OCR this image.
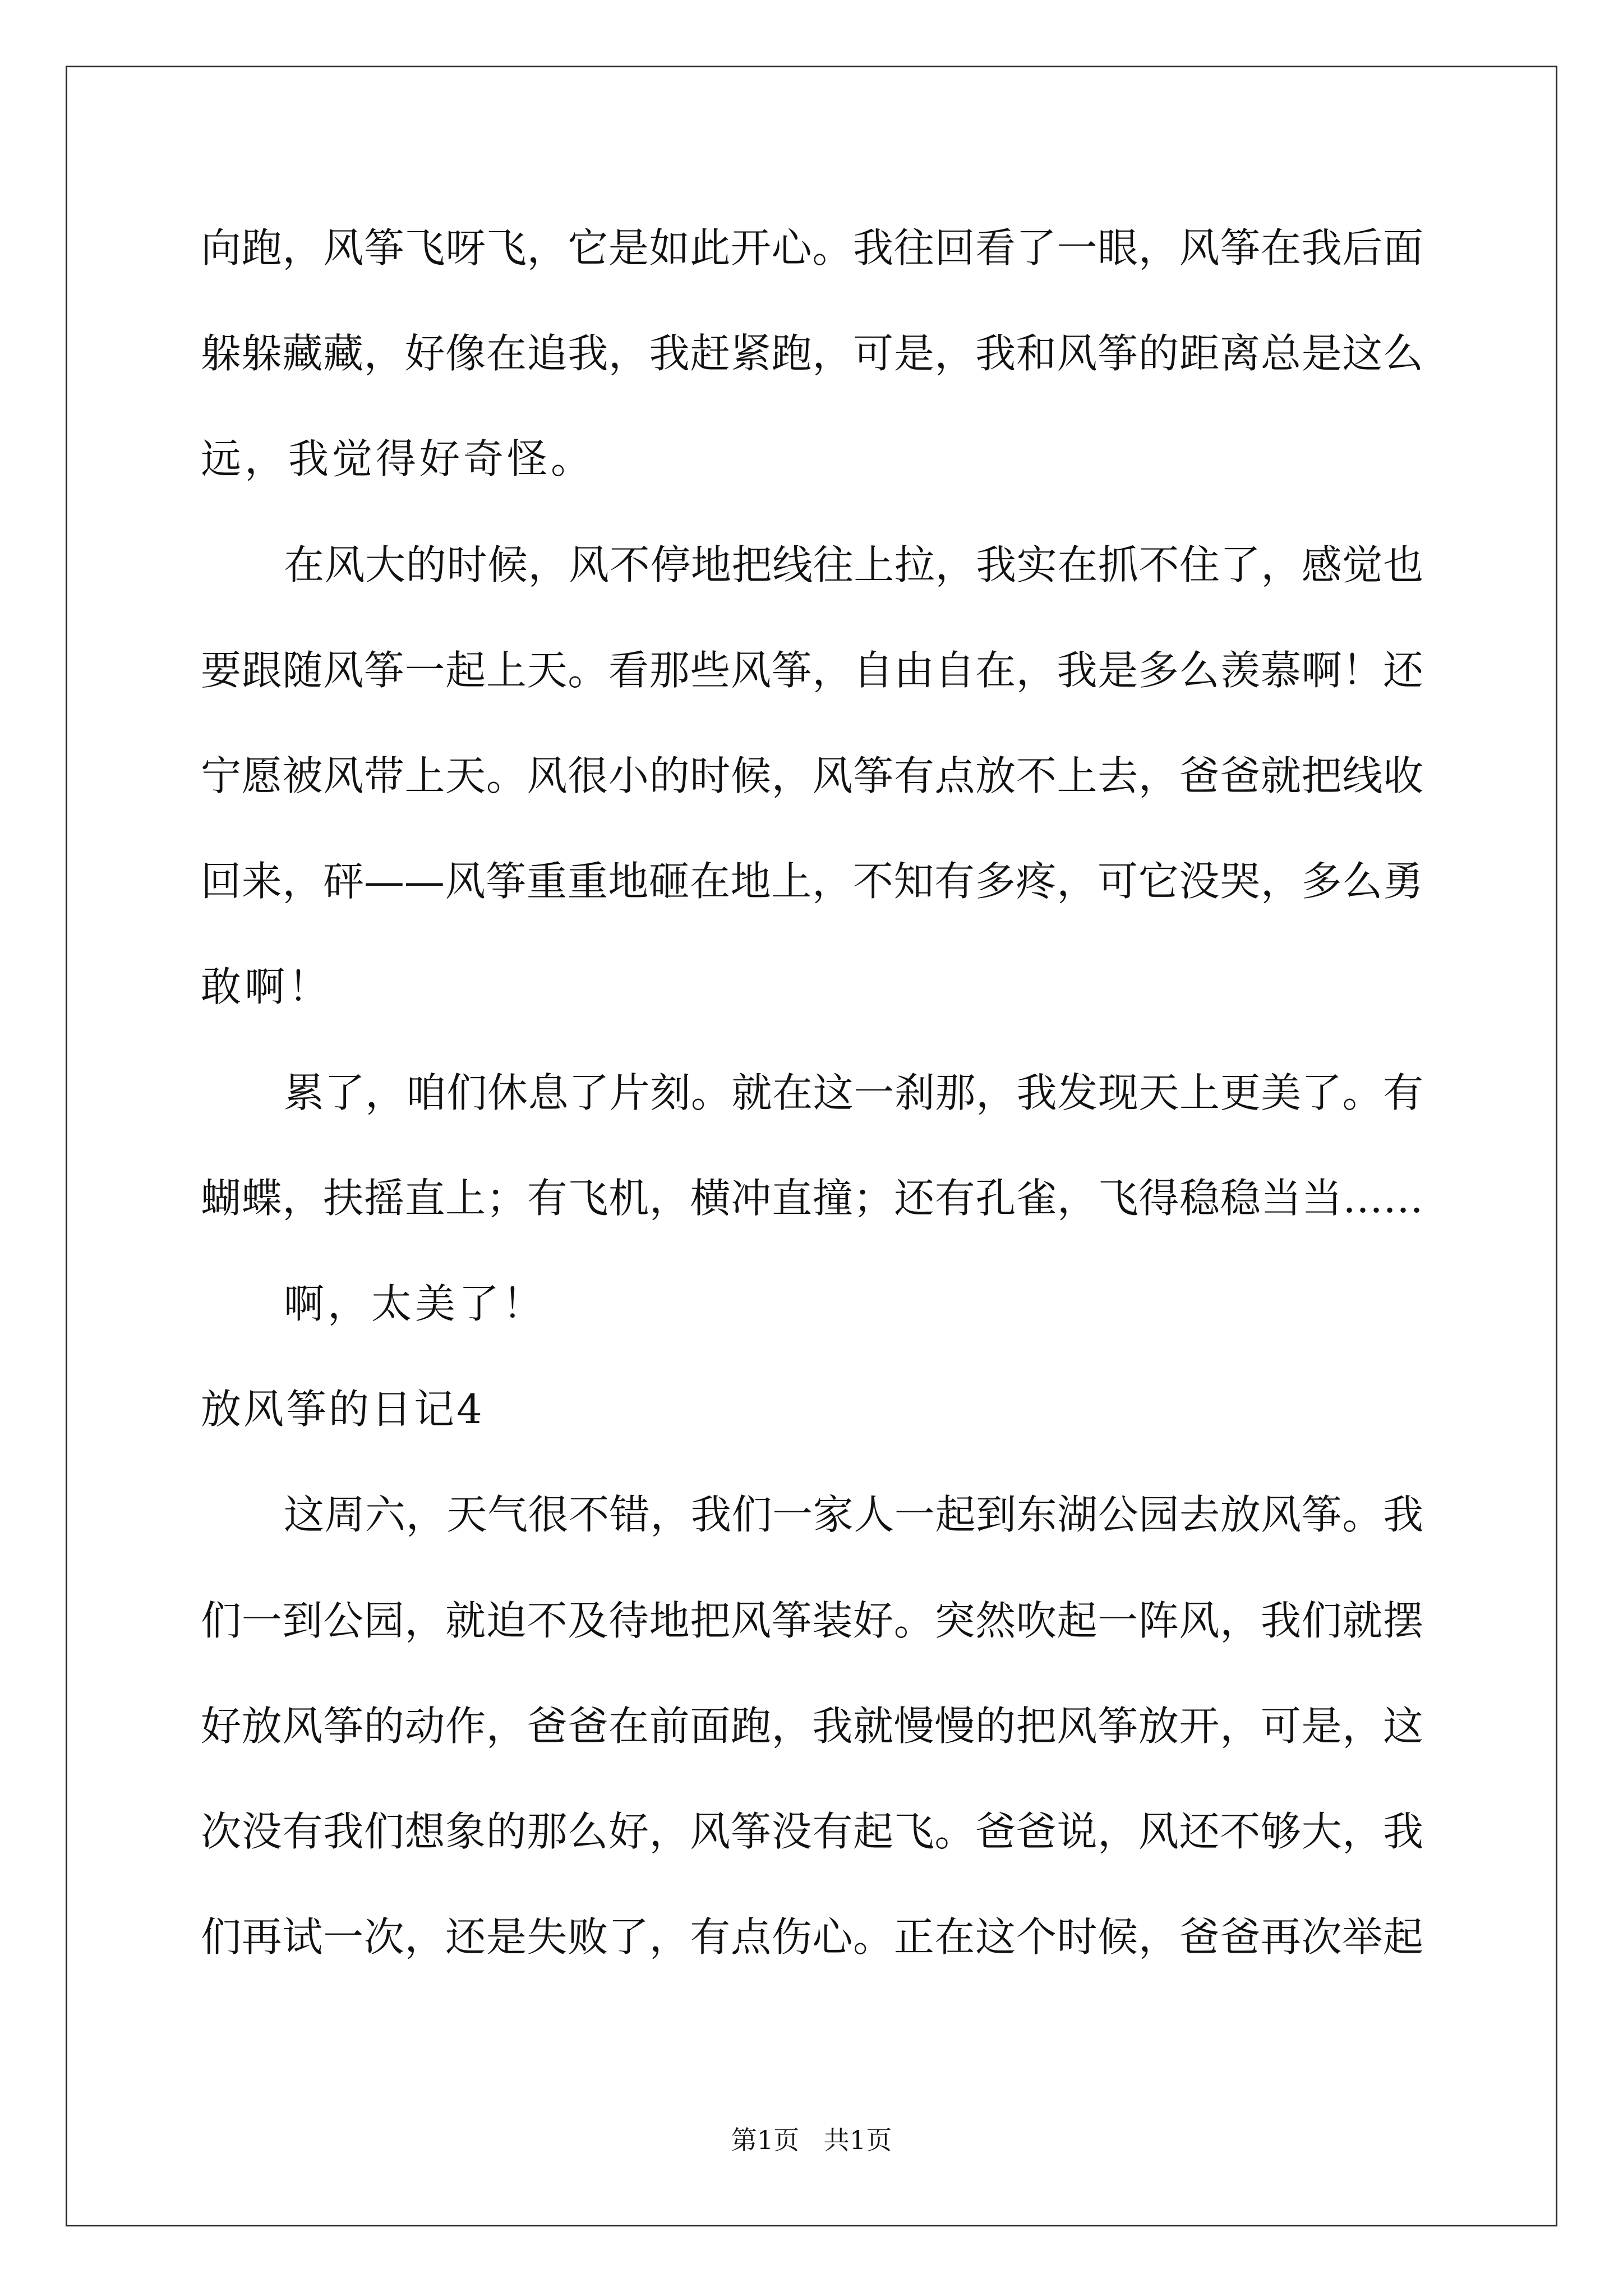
向跑，风筝飞呀飞，它是如此开心。我往回看了一眼，风筝在我后面
躲躲藏藏，好像在追我，我赶紧跑，可是，我和风筝的距离总是这么
远，我觉得好奇怪。
在风大的时候，风不停地把线往上拉，我实在抓不住了，感觉也
要跟随风筝一起上天。看那些风筝，自由自在，我是多么羡慕啊！还
宁愿被风带上天。风很小的时候，风筝有点放不上去，爸爸就把线收
回来，砰——风筝重重地砸在地上，不知有多疼，可它没哭，多么勇
敢啊！
累了，咱们休息了片刻。就在这一刹那，我发现天上更美了。有
蝴蝶，扶摇直上；有飞机，横冲直撞；还有孔雀，飞得稳稳当当……
啊，太美了！
放风筝的日记4
这周六，天气很不错，我们一家人一起到东湖公园去放风筝。我
们一到公园，就迫不及待地把风筝装好。突然吹起一阵风，我们就摆
好放风筝的动作，爸爸在前面跑，我就慢慢的把风筝放开，可是，这
次没有我们想象的那么好，风筝没有起飞。爸爸说，风还不够大，我
们再试一次，还是失败了，有点伤心。正在这个时候，爸爸再次举起
第1页   共1页
